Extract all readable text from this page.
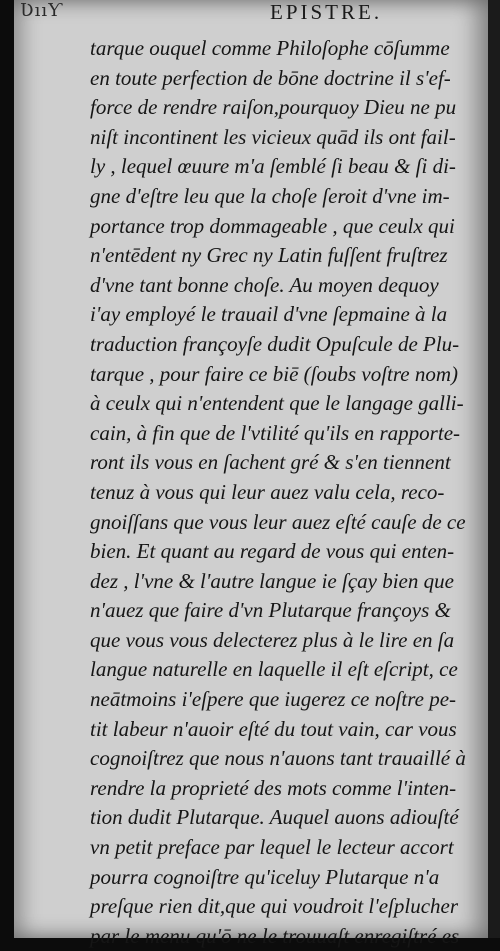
ƲııƳ	EPISTRE.
tarque ouquel comme Philoſophe cōſumme
en toute perfection de bōne doctrine il s'ef-
force de rendre raiſon,pourquoy Dieu ne pu
niſt incontinent les vicieux quād ils ont fail-
ly , lequel œuure m'a ſemblé ſi beau & ſi di-
gne d'eſtre leu que la choſe ſeroit d'vne im-
portance trop dommageable , que ceulx qui
n'entēdent ny Grec ny Latin fuſſent fruſtrez
d'vne tant bonne choſe. Au moyen dequoy
i'ay employé le trauail d'vne ſepmaine à la
traduction françoyſe dudit Opuſcule de Plu-
tarque , pour faire ce biē (ſoubs voſtre nom)
à ceulx qui n'entendent que le langage galli-
cain, à fin que de l'vtilité qu'ils en rapporte-
ront ils vous en ſachent gré & s'en tiennent
tenuz à vous qui leur auez valu cela, reco-
gnoiſſans que vous leur auez eſté cauſe de ce
bien. Et quant au regard de vous qui enten-
dez , l'vne & l'autre langue ie ſçay bien que
n'auez que faire d'vn Plutarque françoys &
que vous vous delecterez plus à le lire en ſa
langue naturelle en laquelle il eſt eſcript, ce
neātmoins i'eſpere que iugerez ce noſtre pe-
tit labeur n'auoir eſté du tout vain, car vous
cognoiſtrez que nous n'auons tant trauaillé à
rendre la proprieté des mots comme l'inten-
tion dudit Plutarque. Auquel auons adiouſté
vn petit preface par lequel le lecteur accort
pourra cognoiſtre qu'iceluy Plutarque n'a
preſque rien dit,que qui voudroit l'eſplucher
par le menu qu'ō ne le trouuaſt enregiſtré es
